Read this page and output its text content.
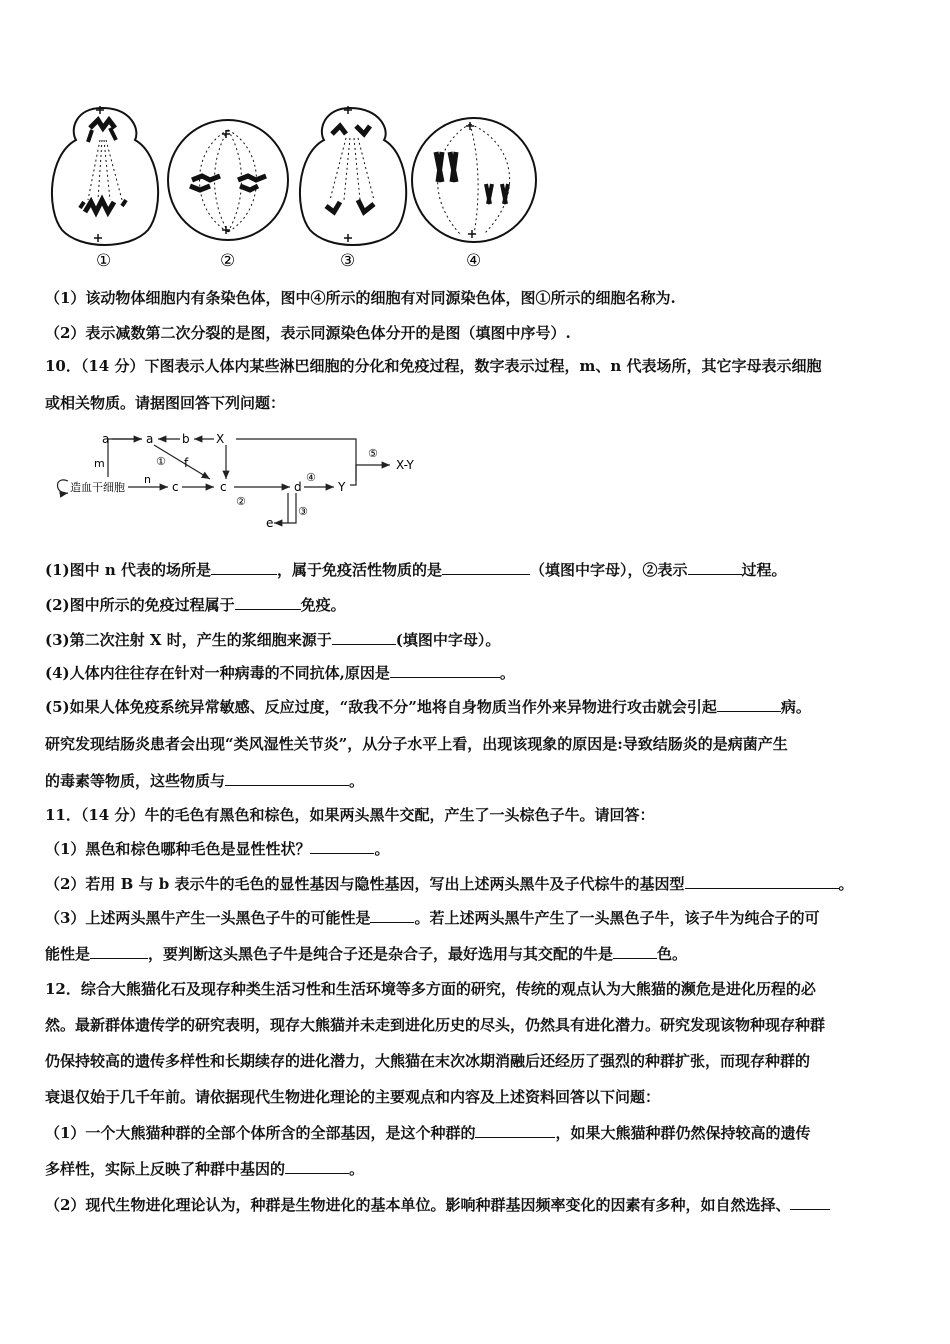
①	②	③	④
（1）该动物体细胞内有条染色体，图中④所示的细胞有对同源染色体，图①所示的细胞名称为.
（2）表示减数第二次分裂的是图，表示同源染色体分开的是图（填图中序号）.
10．（14 分）下图表示人体内某些淋巴细胞的分化和免疫过程，数字表示过程，m、n 代表场所，其它字母表示细胞
或相关物质。请据图回答下列问题：
造血干细胞
m
n
a	a b X
① f
c	c
②
d
④
Y
⑤
X-Y
e
③
(1)图中 n 代表的场所是	，属于免疫活性物质的是	（填图中字母），②表示	过程。
(2)图中所示的免疫过程属于	免疫。
(3)第二次注射 X 时，产生的浆细胞来源于	(填图中字母）。
(4)人体内往往存在针对一种病毒的不同抗体,原因是	。
(5)如果人体免疫系统异常敏感、反应过度，“敌我不分”地将自身物质当作外来异物进行攻击就会引起	病。
研究发现结肠炎患者会出现“类风湿性关节炎”，从分子水平上看，出现该现象的原因是:导致结肠炎的是病菌产生
的毒素等物质，这些物质与	。
11．（14 分）牛的毛色有黑色和棕色，如果两头黑牛交配，产生了一头棕色子牛。请回答：
（1）黑色和棕色哪种毛色是显性性状？	。
（2）若用 B 与 b 表示牛的毛色的显性基因与隐性基因，写出上述两头黑牛及子代棕牛的基因型	。
（3）上述两头黑牛产生一头黑色子牛的可能性是	。若上述两头黑牛产生了一头黑色子牛，该子牛为纯合子的可
能性是	，要判断这头黑色子牛是纯合子还是杂合子，最好选用与其交配的牛是	色。
12．综合大熊猫化石及现存种类生活习性和生活环境等多方面的研究，传统的观点认为大熊猫的濒危是进化历程的必
然。最新群体遗传学的研究表明，现存大熊猫并未走到进化历史的尽头，仍然具有进化潜力。研究发现该物种现存种群
仍保持较高的遗传多样性和长期续存的进化潜力，大熊猫在末次冰期消融后还经历了强烈的种群扩张，而现存种群的
衰退仅始于几千年前。请依据现代生物进化理论的主要观点和内容及上述资料回答以下问题：
（1）一个大熊猫种群的全部个体所含的全部基因，是这个种群的	，如果大熊猫种群仍然保持较高的遗传
多样性，实际上反映了种群中基因的	。
（2）现代生物进化理论认为，种群是生物进化的基本单位。影响种群基因频率变化的因素有多种，如自然选择、
